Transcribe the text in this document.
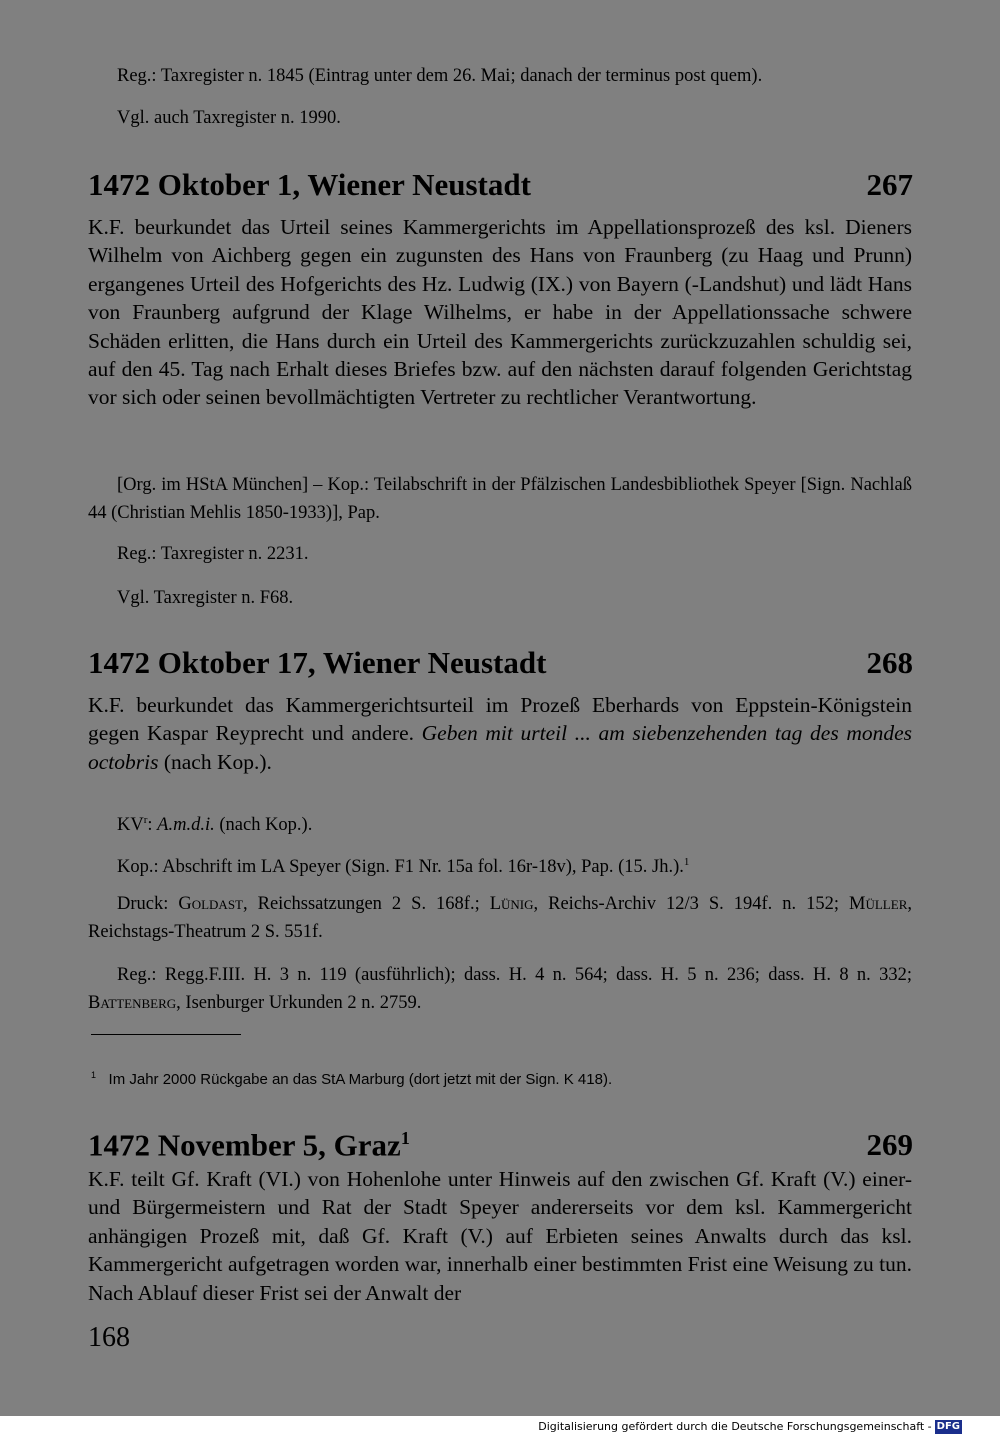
Reg.: Taxregister n. 1845 (Eintrag unter dem 26. Mai; danach der terminus post quem).

Vgl. auch Taxregister n. 1990.

1472 Oktober 1, Wiener Neustadt	267

K.F. beurkundet das Urteil seines Kammergerichts im Appellationsprozeß des ksl. Dieners Wilhelm von Aichberg gegen ein zugunsten des Hans von Fraunberg (zu Haag und Prunn) ergangenes Urteil des Hofgerichts des Hz. Ludwig (IX.) von Bayern (-Landshut) und lädt Hans von Fraunberg aufgrund der Klage Wilhelms, er habe in der Appellationssache schwere Schäden erlitten, die Hans durch ein Urteil des Kammergerichts zurückzuzahlen schuldig sei, auf den 45. Tag nach Erhalt dieses Briefes bzw. auf den nächsten darauf folgenden Gerichtstag vor sich oder seinen bevollmächtigten Vertreter zu rechtlicher Verantwortung.

[Org. im HStA München] – Kop.: Teilabschrift in der Pfälzischen Landesbibliothek Speyer [Sign. Nachlaß 44 (Christian Mehlis 1850-1933)], Pap.

Reg.: Taxregister n. 2231.

Vgl. Taxregister n. F68.

1472 Oktober 17, Wiener Neustadt	268

K.F. beurkundet das Kammergerichtsurteil im Prozeß Eberhards von Eppstein-Königstein gegen Kaspar Reyprecht und andere. Geben mit urteil ... am siebenzehenden tag des mondes octobris (nach Kop.).

$KV^r$: A.m.d.i. (nach Kop.).

Kop.: Abschrift im LA Speyer (Sign. F1 Nr. 15a fol. 16r-18v), Pap. (15. Jh.).$^1$

Druck: Goldast, Reichssatzungen 2 S. 168f.; Lünig, Reichs-Archiv 12/3 S. 194f. n. 152; Müller, Reichstags-Theatrum 2 S. 551f.

Reg.: Regg.F.III. H. 3 n. 119 (ausführlich); dass. H. 4 n. 564; dass. H. 5 n. 236; dass. H. 8 n. 332; Battenberg, Isenburger Urkunden 2 n. 2759.

$^1$ Im Jahr 2000 Rückgabe an das StA Marburg (dort jetzt mit der Sign. K 418).

1472 November 5, Graz$^1$	269

K.F. teilt Gf. Kraft (VI.) von Hohenlohe unter Hinweis auf den zwischen Gf. Kraft (V.) einer- und Bürgermeistern und Rat der Stadt Speyer andererseits vor dem ksl. Kammergericht anhängigen Prozeß mit, daß Gf. Kraft (V.) auf Erbieten seines Anwalts durch das ksl. Kammergericht aufgetragen worden war, innerhalb einer bestimmten Frist eine Weisung zu tun. Nach Ablauf dieser Frist sei der Anwalt der

168
Digitalisierung gefördert durch die Deutsche Forschungsgemeinschaft - DFG
